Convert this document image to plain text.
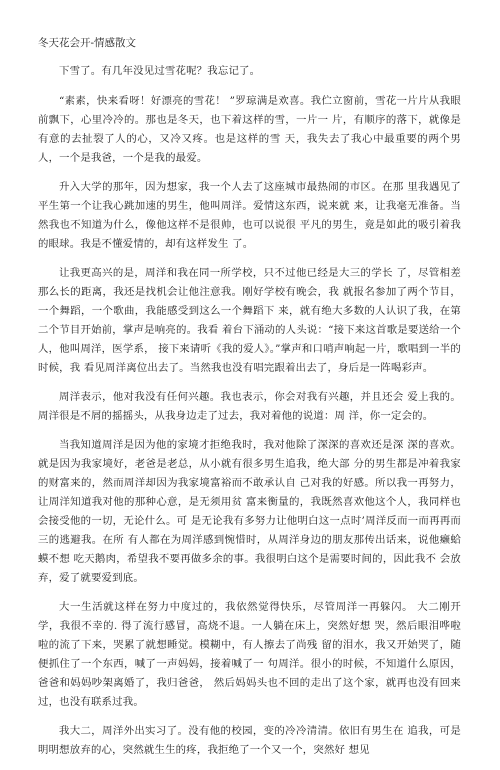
冬天花会开-情感散文

下雪了。有几年没见过雪花呢？我忘记了。

“素素，快来看呀！好漂亮的雪花！ ”罗琼满是欢喜。我伫立窗前，雪花一片片从我眼前飘下，心里冷冷的。那也是冬天，也下着这样的雪，一片一 片，有顺序的落下，就像是有意的去扯裂了人的心，又冷又疼。也是这样的雪 天，我失去了我心中最重要的两个男人，一个是我爸，一个是我的最爱。

升入大学的那年，因为想家，我一个人去了这座城市最热闹的市区。在那 里我遇见了平生第一个让我心跳加速的男生，他叫周洋。爱情这东西，说来就 来，让我毫无准备。当然我也不知道为什么，像他这样不是很帅，也可以说很 平凡的男生，竟是如此的吸引着我的眼球。我是不懂爱情的，却有这样发生 了。

让我更高兴的是，周洋和我在同一所学校，只不过他已经是大三的学长 了，尽管相差那么长的距离，我还是找机会让他注意我。刚好学校有晚会，我 就报名参加了两个节目，一个舞蹈，一个歌曲，我能感受到这么一个舞蹈下 来，就有绝大多数的人认识了我，在第二个节目开始前，掌声是响亮的。我看 着台下涌动的人头说：“接下来这首歌是要送给一个人，他叫周洋，医学系， 接下来请听《我的爱人》。”掌声和口哨声响起一片，歌唱到一半的时候，我 看见周洋离位出去了。当然我也没有唱完跟着出去了，身后是一阵喝彩声。

周洋表示，他对我没有任何兴趣。我也表示，你会对我有兴趣，并且还会 爱上我的。周洋很是不屑的摇摇头，从我身边走了过去，我对着他的说道：周 洋，你一定会的。

当我知道周洋是因为他的家境才拒绝我时，我对他除了深深的喜欢还是深 深的喜欢。就是因为我家境好，老爸是老总，从小就有很多男生追我，绝大部 分的男生都是冲着我家的财富来的，然而周洋却因为我家境富裕而不敢承认自 己对我的好感。所以我一再努力，让周洋知道我对他的那种心意，是无须用贫 富来衡量的，我既然喜欢他这个人，我同样也会接受他的一切，无论什么。可 是无论我有多努力让他明白这一点时’周洋反而一而再再而三的逃避我。在所 有人都在为周洋感到惋惜时，从周洋身边的朋友那传出话来，说他癞蛤蟆不想 吃天鹅肉，希望我不要再做多余的事。我很明白这个是需要时间的，因此我不 会放弃，爱了就要爱到底。

大一生活就这样在努力中度过的，我依然觉得快乐，尽管周洋一再躲闪。 大二刚开学，我很不幸的. 得了流行感冒，高烧不退。一人躺在床上，突然好想 哭，然后眼泪哗啦啦的流了下来，哭累了就想睡觉。模糊中，有人擦去了尚残 留的泪水，我又开始哭了，随便抓住了一个东西，喊了一声妈妈，接着喊了一 句周洋。很小的时候，不知道什么原因，爸爸和妈妈吵架离婚了，我归爸爸， 然后妈妈头也不回的走出了这个家，就再也没有回来过，也没有联系过我。

我大二，周洋外出实习了。没有他的校园，变的冷冷清清。依旧有男生在 追我，可是明明想放弃的心，突然就生生的疼，我拒绝了一个又一个，突然好 想见
